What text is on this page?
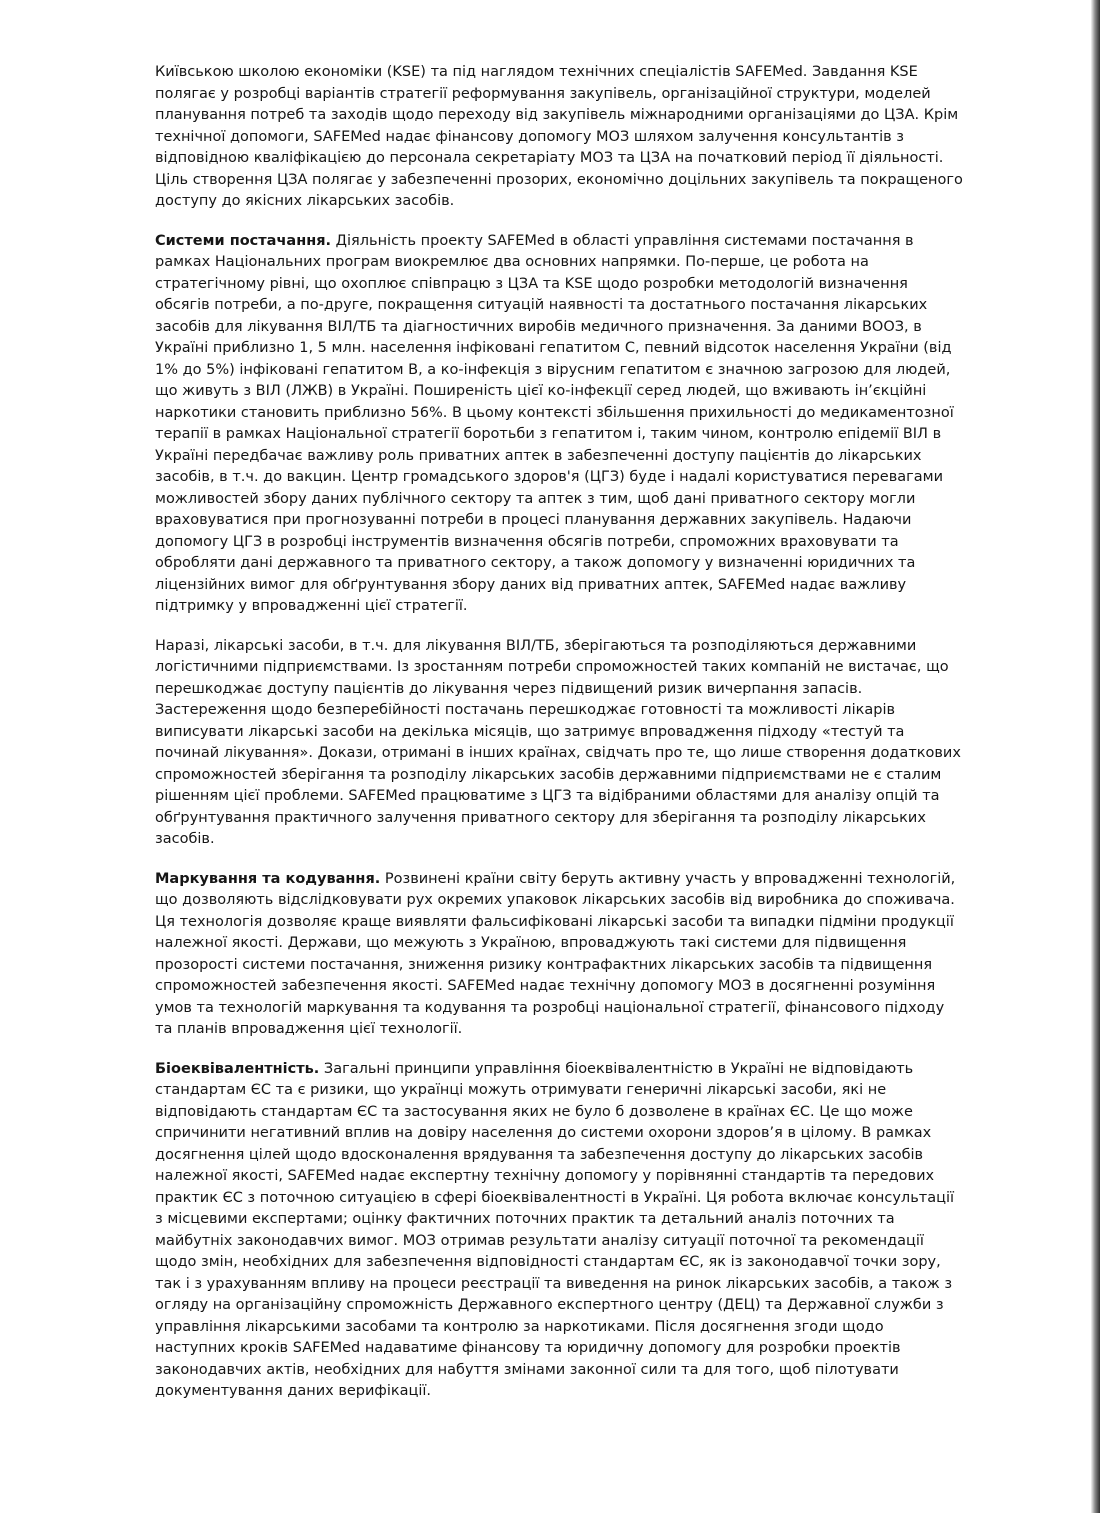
Київською школою економіки (KSE) та під наглядом технічних спеціалістів SAFEMed. Завдання KSE полягає у розробці варіантів стратегії реформування закупівель, організаційної структури, моделей планування потреб та заходів щодо переходу від закупівель міжнародними організаціями до ЦЗА. Крім технічної допомоги, SAFEMed надає фінансову допомогу МОЗ шляхом залучення консультантів з відповідною кваліфікацією до персонала секретаріату МОЗ та ЦЗА на початковий період її діяльності. Ціль створення ЦЗА полягає у забезпеченні прозорих, економічно доцільних закупівель та покращеного доступу до якісних лікарських засобів.

Системи постачання. Діяльність проекту SAFEMed в області управління системами постачання в рамках Національних програм виокремлює два основних напрямки. По-перше, це робота на стратегічному рівні, що охоплює співпрацю з ЦЗА та KSE щодо розробки методологій визначення обсягів потреби, а по-друге, покращення ситуацій наявності та достатнього постачання лікарських засобів для лікування ВІЛ/ТБ та діагностичних виробів медичного призначення. За даними ВООЗ, в Україні приблизно 1, 5 млн. населення інфіковані гепатитом С, певний відсоток населення України (від 1% до 5%) інфіковані гепатитом В, а ко-інфекція з вірусним гепатитом є значною загрозою для людей, що живуть з ВІЛ (ЛЖВ) в Україні. Поширеність цієї ко-інфекції серед людей, що вживають ін’єкційні наркотики становить приблизно 56%. В цьому контексті збільшення прихильності до медикаментозної терапії в рамках Національної стратегії боротьби з гепатитом і, таким чином, контролю епідемії ВІЛ в Україні передбачає важливу роль приватних аптек в забезпеченні доступу пацієнтів до лікарських засобів, в т.ч. до вакцин. Центр громадського здоров'я (ЦГЗ) буде і надалі користуватися перевагами можливостей збору даних публічного сектору та аптек з тим, щоб дані приватного сектору могли враховуватися при прогнозуванні потреби в процесі планування державних закупівель. Надаючи допомогу ЦГЗ в розробці інструментів визначення обсягів потреби, спроможних враховувати та обробляти дані державного та приватного сектору, а також допомогу у визначенні юридичних та ліцензійних вимог для обґрунтування збору даних від приватних аптек, SAFEMed надає важливу підтримку у впровадженні цієї стратегії.

Наразі, лікарські засоби, в т.ч. для лікування ВІЛ/ТБ, зберігаються та розподіляються державними логістичними підприємствами. Із зростанням потреби спроможностей таких компаній не вистачає, що перешкоджає доступу пацієнтів до лікування через підвищений ризик вичерпання запасів. Застереження щодо безперебійності постачань перешкоджає готовності та можливості лікарів виписувати лікарські засоби на декілька місяців, що затримує впровадження підходу «тестуй та починай лікування». Докази, отримані в інших країнах, свідчать про те, що лише створення додаткових спроможностей зберігання та розподілу лікарських засобів державними підприємствами не є сталим рішенням цієї проблеми. SAFEMed працюватиме з ЦГЗ та відібраними областями для аналізу опцій та обґрунтування практичного залучення приватного сектору для зберігання та розподілу лікарських засобів.

Маркування та кодування. Розвинені країни світу беруть активну участь у впровадженні технологій, що дозволяють відслідковувати рух окремих упаковок лікарських засобів від виробника до споживача. Ця технологія дозволяє краще виявляти фальсифіковані лікарські засоби та випадки підміни продукції належної якості. Держави, що межують з Україною, впроваджують такі системи для підвищення прозорості системи постачання, зниження ризику контрафактних лікарських засобів та підвищення спроможностей забезпечення якості. SAFEMed надає технічну допомогу МОЗ в досягненні розуміння умов та технологій маркування та кодування та розробці національної стратегії, фінансового підходу та планів впровадження цієї технології.

Біоеквівалентність. Загальні принципи управління біоеквівалентністю в Україні не відповідають стандартам ЄС та є ризики, що українці можуть отримувати генеричні лікарські засоби, які не відповідають стандартам ЄС та застосування яких не було б дозволене в країнах ЄС. Це що може спричинити негативний вплив на довіру населення до системи охорони здоров’я в цілому. В рамках досягнення цілей щодо вдосконалення врядування та забезпечення доступу до лікарських засобів належної якості, SAFEMed надає експертну технічну допомогу у порівнянні стандартів та передових практик ЄС з поточною ситуацією в сфері біоеквівалентності в Україні. Ця робота включає консультації з місцевими експертами; оцінку фактичних поточних практик та детальний аналіз поточних та майбутніх законодавчих вимог. МОЗ отримав результати аналізу ситуації поточної та рекомендації щодо змін, необхідних для забезпечення відповідності стандартам ЄС, як із законодавчої точки зору, так і з урахуванням впливу на процеси реєстрації та виведення на ринок лікарських засобів, а також з огляду на організаційну спроможність Державного експертного центру (ДЕЦ) та Державної служби з управління лікарськими засобами та контролю за наркотиками. Після досягнення згоди щодо наступних кроків SAFEMed надаватиме фінансову та юридичну допомогу для розробки проектів законодавчих актів, необхідних для набуття змінами законної сили та для того, щоб пілотувати документування даних верифікації.
